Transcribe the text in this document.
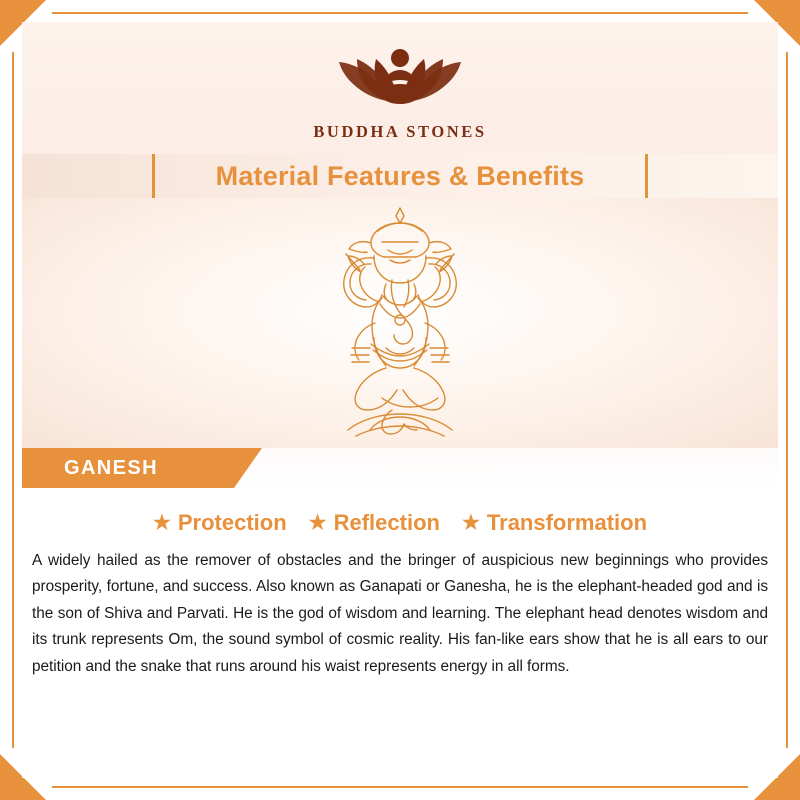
BUDDHA STONES
Material Features & Benefits
GANESH
★ Protection ★ Reflection ★ Transformation

A widely hailed as the remover of obstacles and the bringer of auspicious new beginnings who provides prosperity, fortune, and success. Also known as Ganapati or Ganesha, he is the elephant-headed god and is the son of Shiva and Parvati. He is the god of wisdom and learning. The elephant head denotes wisdom and its trunk represents Om, the sound symbol of cosmic reality. His fan-like ears show that he is all ears to our petition and the snake that runs around his waist represents energy in all forms.
